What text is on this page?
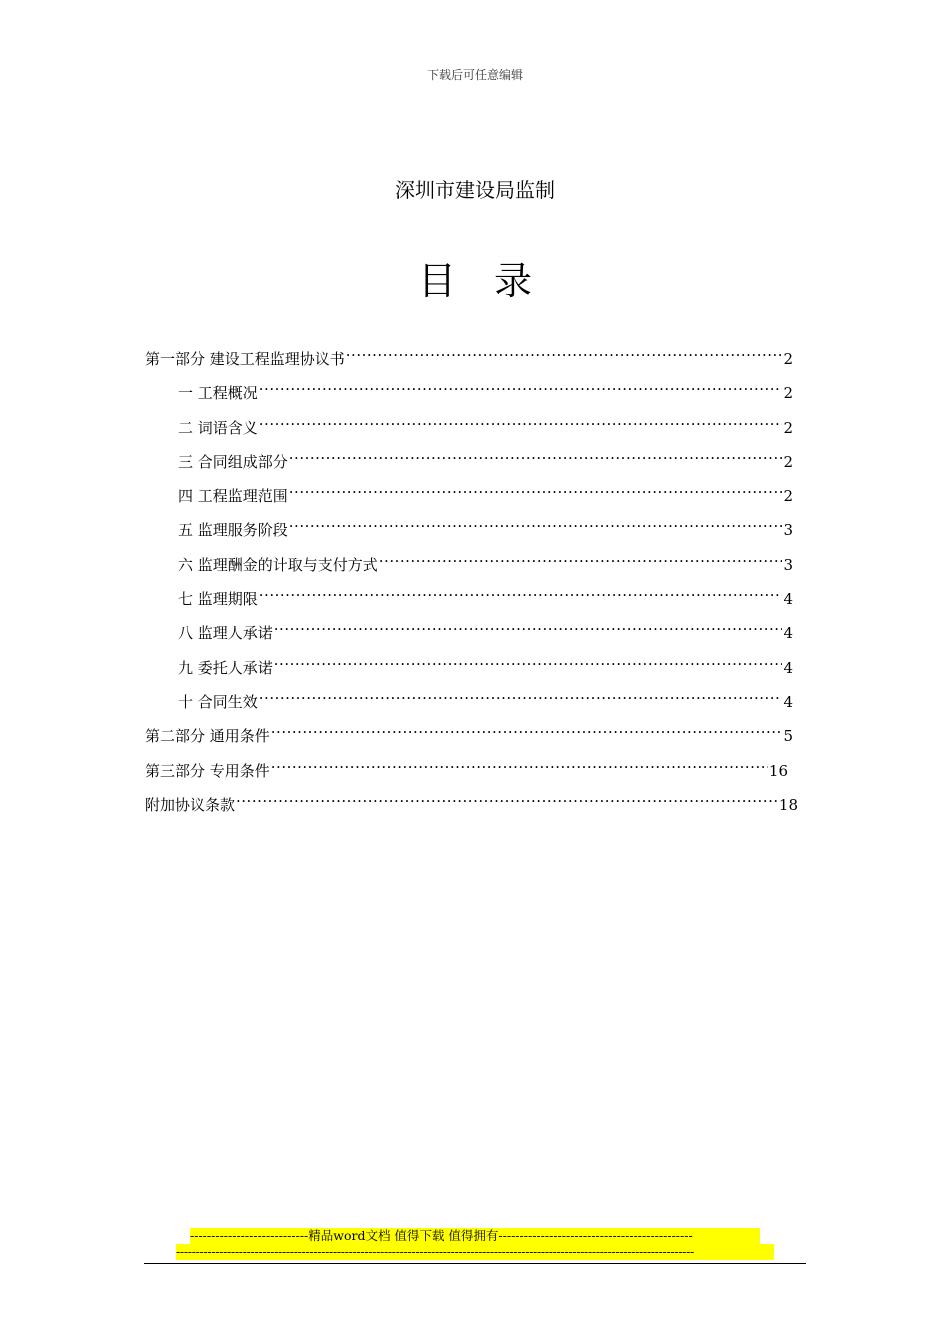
下载后可任意编辑
深圳市建设局监制
目录
第一部分 建设工程监理协议书 ·····	2
一 工程概况 ·····	2
二 词语含义 ·····	2
三 合同组成部分 ·····	2
四 工程监理范围 ·····	2
五 监理服务阶段 ·····	3
六 监理酬金的计取与支付方式 ·····	3
七 监理期限 ·····	4
八 监理人承诺 ·····	4
九 委托人承诺 ·····	4
十 合同生效 ·····	4
第二部分 通用条件 ·····	5
第三部分 专用条件 ·····	16
附加协议条款 ·····	18
----------------------------精品word文档 值得下载 值得拥有----------------------------------------------
------------------------------------------------------------------------------------------------------------------------------------
